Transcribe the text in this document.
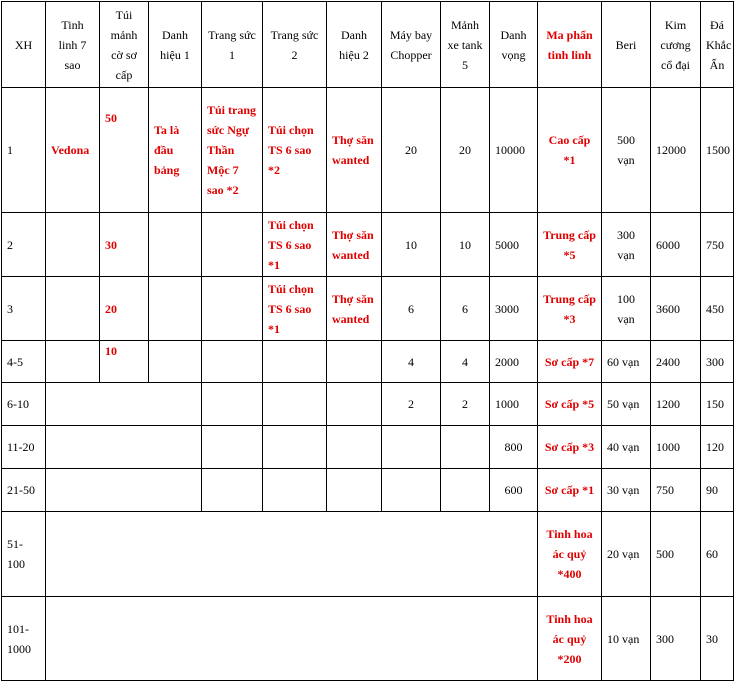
XH	Tinh linh 7 sao	Túi mảnh cờ sơ cấp	Danh hiệu 1	Trang sức 1	Trang sức 2	Danh hiệu 2	Máy bay Chopper	Mảnh xe tank 5	Danh vọng	Ma phấn tinh linh	Beri	Kim cương cổ đại	Đá Khắc Ấn
1	Vedona	50	Ta là đầu bảng	Túi trang sức Ngự Thần Mộc 7 sao *2	Túi chọn TS 6 sao *2	Thợ săn wanted	20	20	10000	Cao cấp *1	500 vạn	12000	1500
2		30			Túi chọn TS 6 sao *1	Thợ săn wanted	10	10	5000	Trung cấp *5	300 vạn	6000	750
3		20			Túi chọn TS 6 sao *1	Thợ săn wanted	6	6	3000	Trung cấp *3	100 vạn	3600	450
4-5		10					4	4	2000	Sơ cấp *7	60 vạn	2400	300
6-10							2	2	1000	Sơ cấp *5	50 vạn	1200	150
11-20									800	Sơ cấp *3	40 vạn	1000	120
21-50									600	Sơ cấp *1	30 vạn	750	90
51-100										Tinh hoa ác quỷ *400	20 vạn	500	60
101-1000										Tinh hoa ác quỷ *200	10 vạn	300	30
